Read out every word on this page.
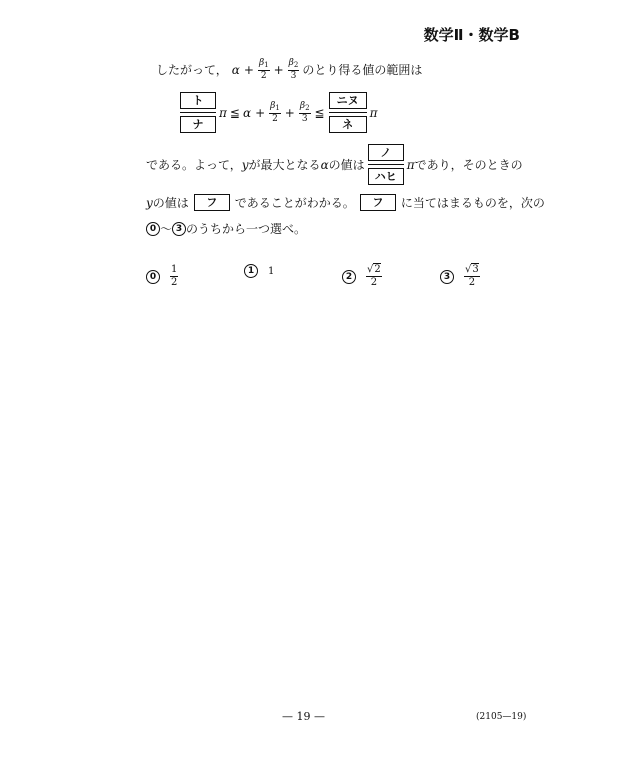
数学Ⅱ・数学B
したがって， $\alpha + \frac{\beta_1}{2} + \frac{\beta_2}{3}$ のとり得る値の範囲は
ト
ナ
π ≦ $\alpha + \frac{\beta_1}{2} + \frac{\beta_2}{3}$ ≦
ニヌ
ネ
π
である。よって， y が最大となる α の値は
ノ
ハヒ
π であり，そのときの
y の値は	フ	であることがわかる。	フ	に当てはまるものを，次の
0 〜 3 のうちから一つ選べ。
0	$\frac{1}{2}$	1	1	2
√2
2
3
√3
2
— 19 —	(2105—19)
